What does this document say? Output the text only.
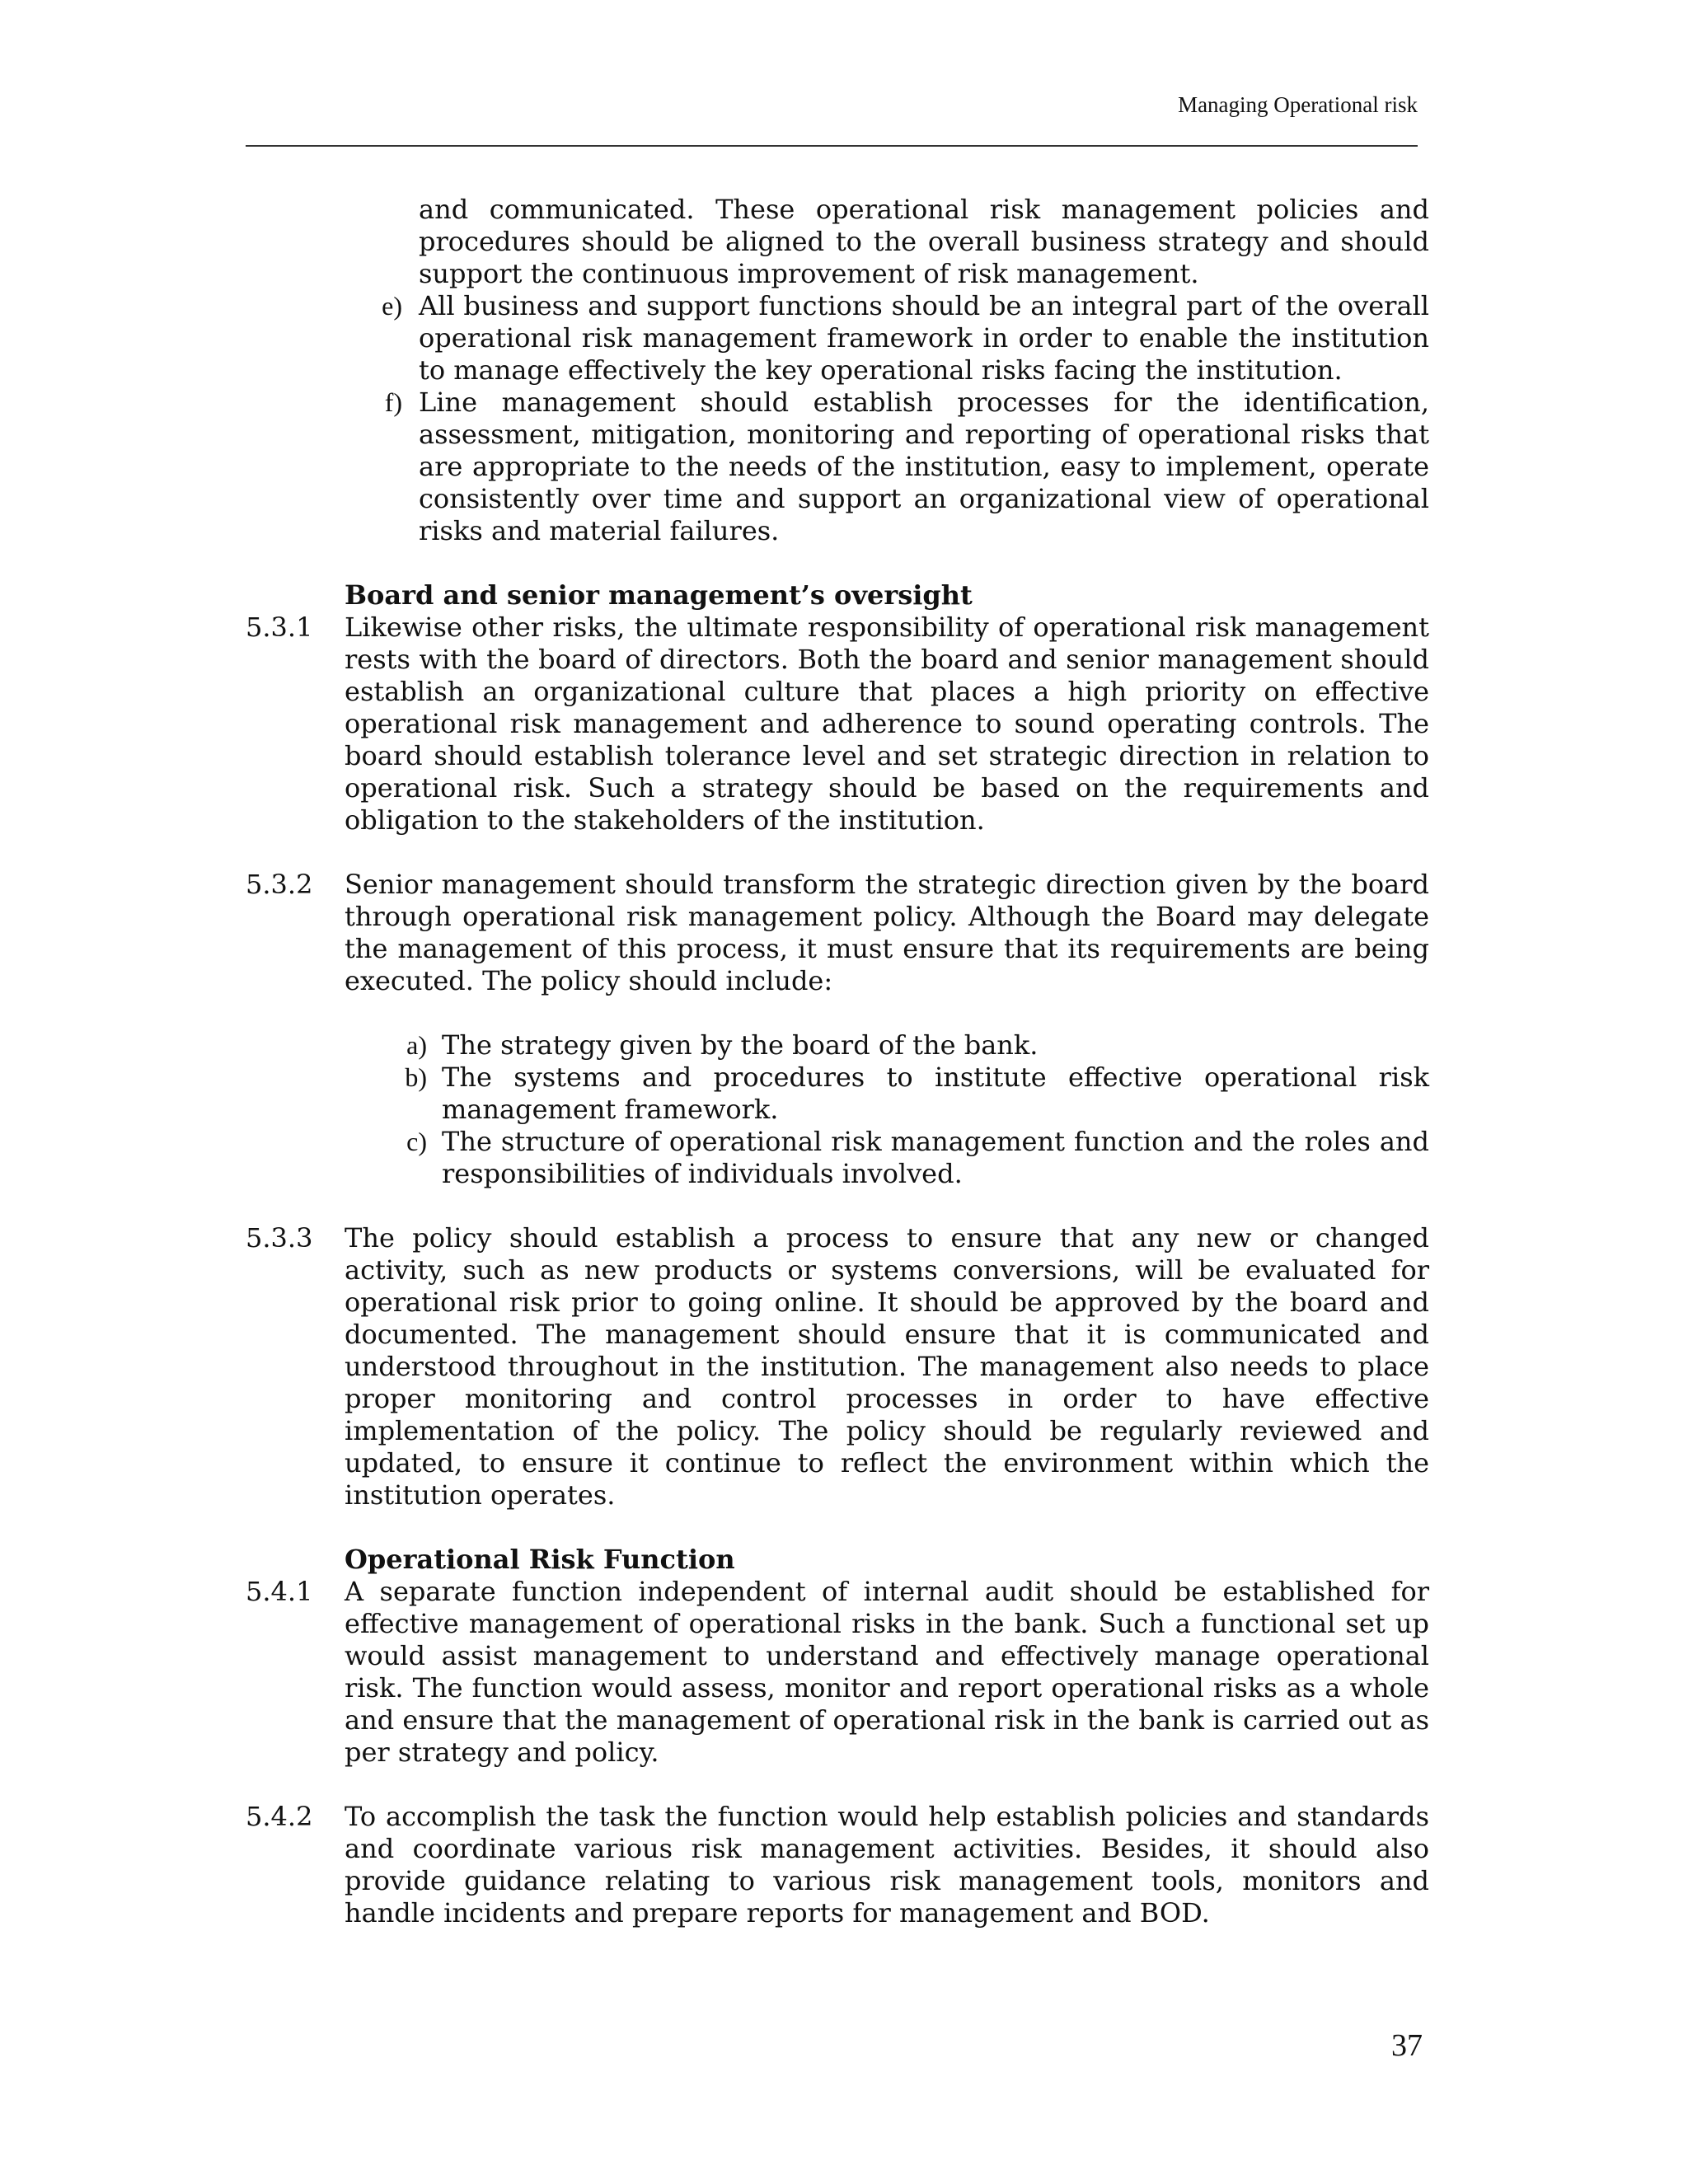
Managing Operational risk

and communicated. These operational risk management policies and procedures should be aligned to the overall business strategy and should support the continuous improvement of risk management.

e) All business and support functions should be an integral part of the overall operational risk management framework in order to enable the institution to manage effectively the key operational risks facing the institution.
f) Line management should establish processes for the identification, assessment, mitigation, monitoring and reporting of operational risks that are appropriate to the needs of the institution, easy to implement, operate consistently over time and support an organizational view of operational risks and material failures.
Board and senior management’s oversight
5.3.1	Likewise other risks, the ultimate responsibility of operational risk management rests with the board of directors. Both the board and senior management should establish an organizational culture that places a high priority on effective operational risk management and adherence to sound operating controls. The board should establish tolerance level and set strategic direction in relation to operational risk. Such a strategy should be based on the requirements and obligation to the stakeholders of the institution.
5.3.2	Senior management should transform the strategic direction given by the board through operational risk management policy. Although the Board may delegate the management of this process, it must ensure that its requirements are being executed. The policy should include:
a) The strategy given by the board of the bank.
b) The systems and procedures to institute effective operational risk management framework.
c) The structure of operational risk management function and the roles and responsibilities of individuals involved.
5.3.3	The policy should establish a process to ensure that any new or changed activity, such as new products or systems conversions, will be evaluated for operational risk prior to going online. It should be approved by the board and documented. The management should ensure that it is communicated and understood throughout in the institution. The management also needs to place proper monitoring and control processes in order to have effective implementation of the policy. The policy should be regularly reviewed and updated, to ensure it continue to reflect the environment within which the institution operates.
Operational Risk Function
5.4.1	A separate function independent of internal audit should be established for effective management of operational risks in the bank. Such a functional set up would assist management to understand and effectively manage operational risk. The function would assess, monitor and report operational risks as a whole and ensure that the management of operational risk in the bank is carried out as per strategy and policy.
5.4.2	To accomplish the task the function would help establish policies and standards and coordinate various risk management activities. Besides, it should also provide guidance relating to various risk management tools, monitors and handle incidents and prepare reports for management and BOD.
37
